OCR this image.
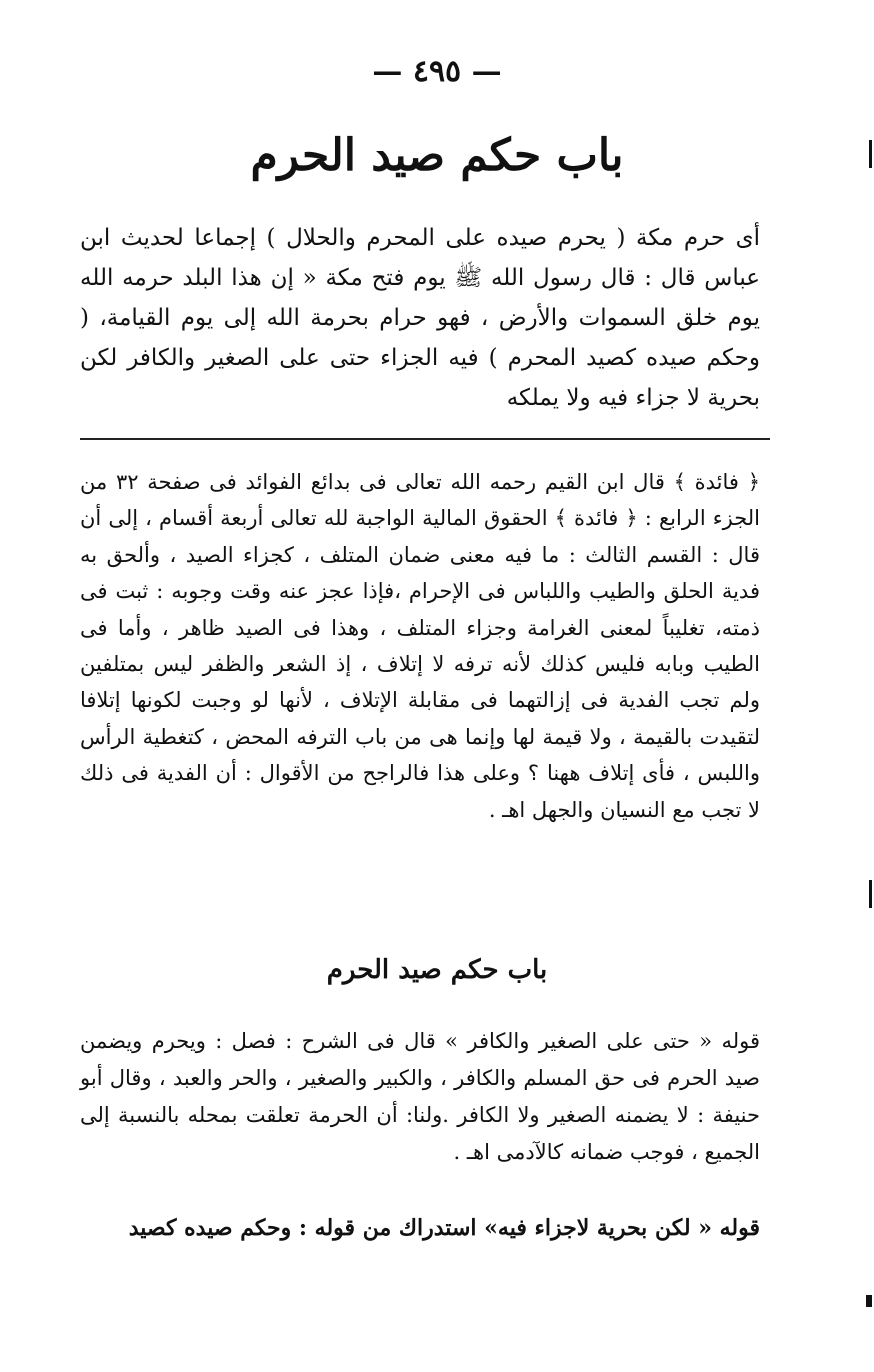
— ٤٩٥ —
باب حكم صيد الحرم

أى حرم مكة ( يحرم صيده على المحرم والحلال ) إجماعا لحديث ابن عباس قال : قال رسول الله ﷺ يوم فتح مكة « إن هذا البلد حرمه الله يوم خلق السموات والأرض ، فهو حرام بحرمة الله إلى يوم القيامة، ( وحكم صيده كصيد المحرم ) فيه الجزاء حتى على الصغير والكافر لكن بحرية لا جزاء فيه ولا يملكه

﴿ فائدة ﴾ قال ابن القيم رحمه الله تعالى فى بدائع الفوائد فى صفحة ٣٢ من الجزء الرابع : ﴿ فائدة ﴾ الحقوق المالية الواجبة لله تعالى أربعة أقسام ، إلى أن قال : القسم الثالث : ما فيه معنى ضمان المتلف ، كجزاء الصيد ، وألحق به فدية الحلق والطيب واللباس فى الإحرام ،فإذا عجز عنه وقت وجوبه : ثبت فى ذمته، تغليباً لمعنى الغرامة وجزاء المتلف ، وهذا فى الصيد ظاهر ، وأما فى الطيب وبابه فليس كذلك لأنه ترفه لا إتلاف ، إذ الشعر والظفر ليس بمتلفين ولم تجب الفدية فى إزالتهما فى مقابلة الإتلاف ، لأنها لو وجبت لكونها إتلافا لتقيدت بالقيمة ، ولا قيمة لها وإنما هى من باب الترفه المحض ، كتغطية الرأس واللبس ، فأى إتلاف ههنا ؟ وعلى هذا فالراجح من الأقوال : أن الفدية فى ذلك لا تجب مع النسيان والجهل اهـ .

باب حكم صيد الحرم

قوله « حتى على الصغير والكافر » قال فى الشرح : فصل : ويحرم ويضمن صيد الحرم فى حق المسلم والكافر ، والكبير والصغير ، والحر والعبد ، وقال أبو حنيفة : لا يضمنه الصغير ولا الكافر .ولنا: أن الحرمة تعلقت بمحله بالنسبة إلى الجميع ، فوجب ضمانه كالآدمى اهـ .

قوله « لكن بحرية لاجزاء فيه» استدراك من قوله : وحكم صيده كصيد
